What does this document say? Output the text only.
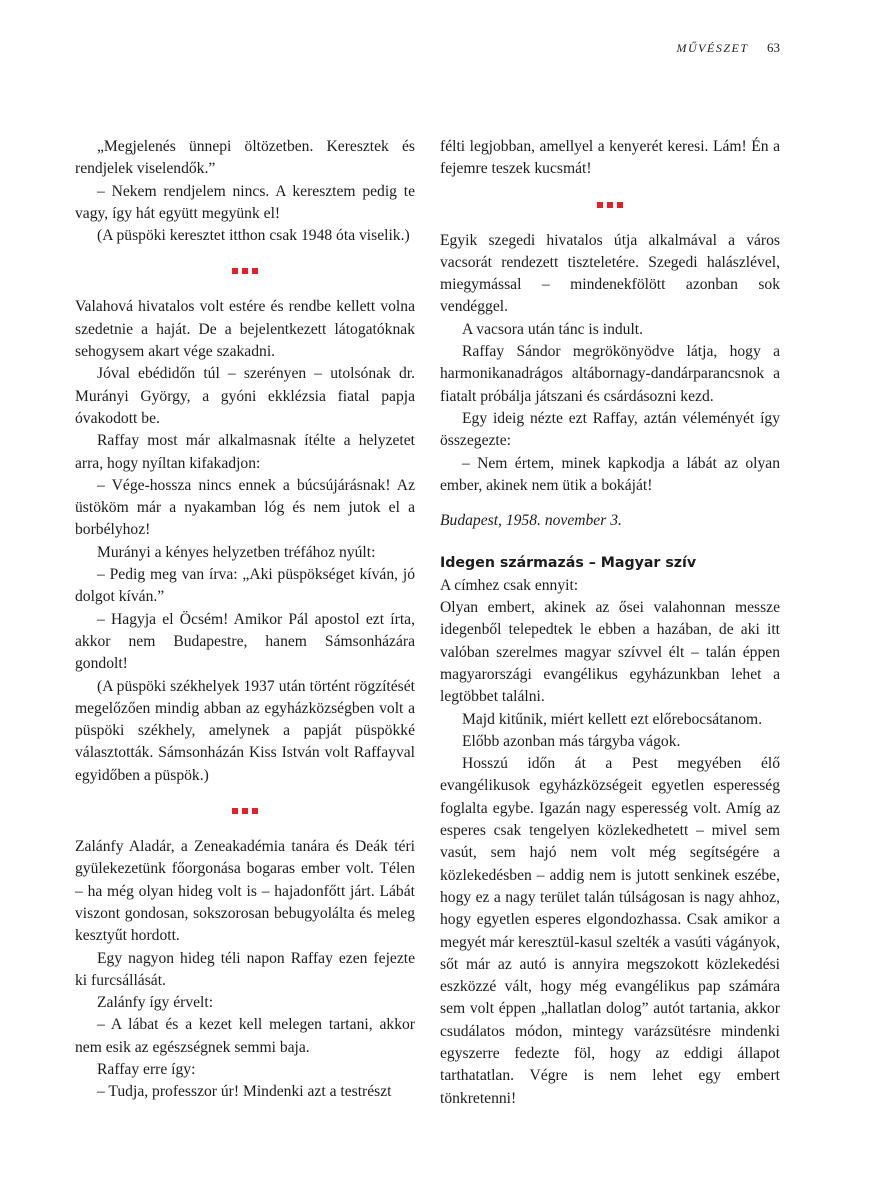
MŰVÉSZET 63

„Megjelenés ünnepi öltözetben. Keresztek és rendjelek viselendők.”

– Nekem rendjelem nincs. A keresztem pedig te vagy, így hát együtt megyünk el!

(A püspöki keresztet itthon csak 1948 óta viselik.)

Valahová hivatalos volt estére és rendbe kellett volna szedetnie a haját. De a bejelentkezett látogatóknak sehogysem akart vége szakadni.

Jóval ebédidőn túl – szerényen – utolsónak dr. Murányi György, a gyóni ekklézsia fiatal papja óvakodott be.

Raffay most már alkalmasnak ítélte a helyzetet arra, hogy nyíltan kifakadjon:

– Vége-hossza nincs ennek a búcsújárásnak! Az üstököm már a nyakamban lóg és nem jutok el a borbélyhoz!

Murányi a kényes helyzetben tréfához nyúlt:

– Pedig meg van írva: „Aki püspökséget kíván, jó dolgot kíván.”

– Hagyja el Öcsém! Amikor Pál apostol ezt írta, akkor nem Budapestre, hanem Sámsonházára gondolt!

(A püspöki székhelyek 1937 után történt rögzítését megelőzően mindig abban az egyházközségben volt a püspöki székhely, amelynek a papját püspökké választották. Sámsonházán Kiss István volt Raffayval egyidőben a püspök.)

Zalánfy Aladár, a Zeneakadémia tanára és Deák téri gyülekezetünk főorgonása bogaras ember volt. Télen – ha még olyan hideg volt is – hajadonfőtt járt. Lábát viszont gondosan, sokszorosan bebugyolálta és meleg kesztyűt hordott.

Egy nagyon hideg téli napon Raffay ezen fejezte ki furcsállását.

Zalánfy így érvelt:

– A lábat és a kezet kell melegen tartani, akkor nem esik az egészségnek semmi baja.

Raffay erre így:

– Tudja, professzor úr! Mindenki azt a testrészt

félti legjobban, amellyel a kenyerét keresi. Lám! Én a fejemre teszek kucsmát!

Egyik szegedi hivatalos útja alkalmával a város vacsorát rendezett tiszteletére. Szegedi halászlével, miegymással – mindenekfölött azonban sok vendéggel.

A vacsora után tánc is indult.

Raffay Sándor megrökönyödve látja, hogy a harmonikanadrágos altábornagy-dandárparancsnok a fiatalt próbálja játszani és csárdásozni kezd.

Egy ideig nézte ezt Raffay, aztán véleményét így összegezte:

– Nem értem, minek kapkodja a lábát az olyan ember, akinek nem ütik a bokáját!

Budapest, 1958. november 3.

Idegen származás – Magyar szív

A címhez csak ennyit:

Olyan embert, akinek az ősei valahonnan messze idegenből telepedtek le ebben a hazában, de aki itt valóban szerelmes magyar szívvel élt – talán éppen magyarországi evangélikus egyházunkban lehet a legtöbbet találni.

Majd kitűnik, miért kellett ezt előrebocsátanom.

Előbb azonban más tárgyba vágok.

Hosszú időn át a Pest megyében élő evangélikusok egyházközségeit egyetlen esperesség foglalta egybe. Igazán nagy esperesség volt. Amíg az esperes csak tengelyen közlekedhetett – mivel sem vasút, sem hajó nem volt még segítségére a közlekedésben – addig nem is jutott senkinek eszébe, hogy ez a nagy terület talán túlságosan is nagy ahhoz, hogy egyetlen esperes elgondozhassa. Csak amikor a megyét már keresztül-kasul szelték a vasúti vágányok, sőt már az autó is annyira megszokott közlekedési eszközzé vált, hogy még evangélikus pap számára sem volt éppen „hallatlan dolog” autót tartania, akkor csudálatos módon, mintegy varázsütésre mindenki egyszerre fedezte föl, hogy az eddigi állapot tarthatatlan. Végre is nem lehet egy embert tönkretenni!
